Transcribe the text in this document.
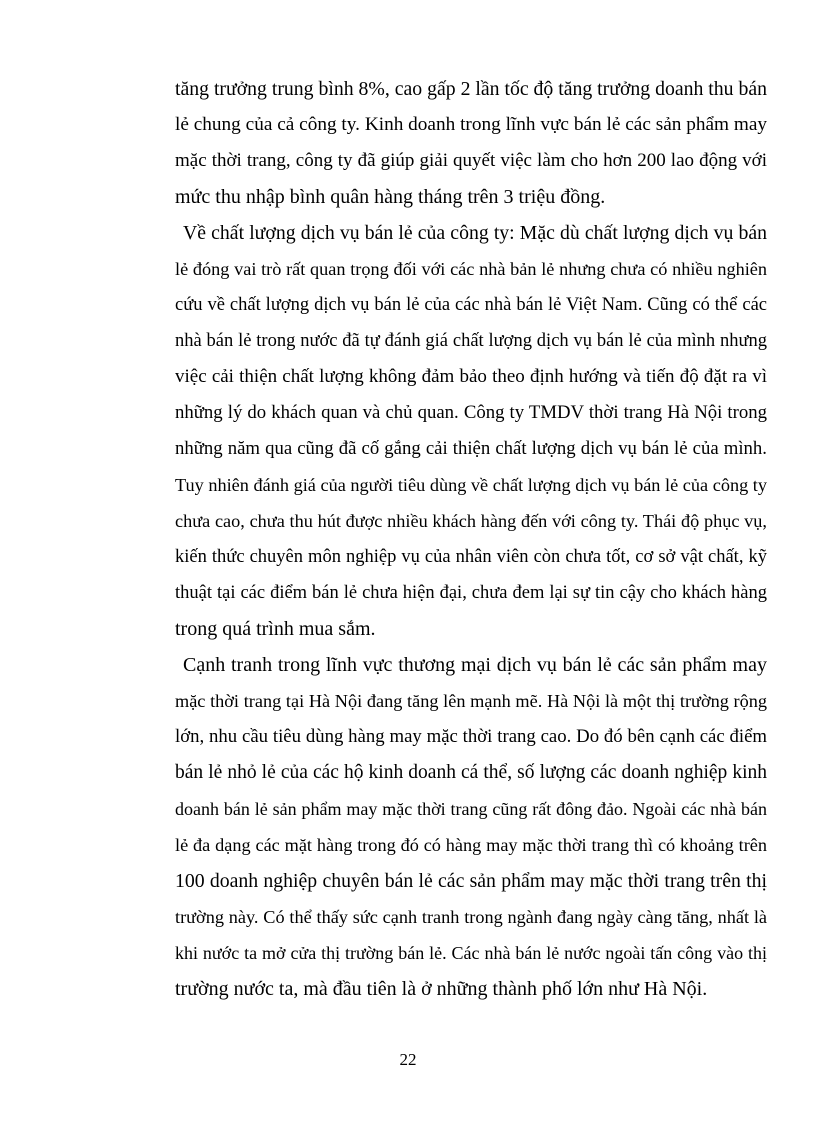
tăng trưởng trung bình 8%, cao gấp 2 lần tốc độ tăng trưởng doanh thu bán
lẻ chung của cả công ty. Kinh doanh trong lĩnh vực bán lẻ các sản phẩm may
mặc thời trang, công ty đã giúp giải quyết việc làm cho hơn 200 lao động với
mức thu nhập bình quân hàng tháng trên 3 triệu đồng.
Về chất lượng dịch vụ bán lẻ của công ty: Mặc dù chất lượng dịch vụ bán
lẻ đóng vai trò rất quan trọng đối với các nhà bản lẻ nhưng chưa có nhiều nghiên
cứu về chất lượng dịch vụ bán lẻ của các nhà bán lẻ Việt Nam. Cũng có thể các
nhà bán lẻ trong nước đã tự đánh giá chất lượng dịch vụ bán lẻ của mình nhưng
việc cải thiện chất lượng không đảm bảo theo định hướng và tiến độ đặt ra vì
những lý do khách quan và chủ quan. Công ty TMDV thời trang Hà Nội trong
những năm qua cũng đã cố gắng cải thiện chất lượng dịch vụ bán lẻ của mình.
Tuy nhiên đánh giá của người tiêu dùng về chất lượng dịch vụ bán lẻ của công ty
chưa cao, chưa thu hút được nhiều khách hàng đến với công ty. Thái độ phục vụ,
kiến thức chuyên môn nghiệp vụ của nhân viên còn chưa tốt, cơ sở vật chất, kỹ
thuật tại các điểm bán lẻ chưa hiện đại, chưa đem lại sự tin cậy cho khách hàng
trong quá trình mua sắm.
Cạnh tranh trong lĩnh vực thương mại dịch vụ bán lẻ các sản phẩm may
mặc thời trang tại Hà Nội đang tăng lên mạnh mẽ. Hà Nội là một thị trường rộng
lớn, nhu cầu tiêu dùng hàng may mặc thời trang cao. Do đó bên cạnh các điểm
bán lẻ nhỏ lẻ của các hộ kinh doanh cá thể, số lượng các doanh nghiệp kinh
doanh bán lẻ sản phẩm may mặc thời trang cũng rất đông đảo. Ngoài các nhà bán
lẻ đa dạng các mặt hàng trong đó có hàng may mặc thời trang thì có khoảng trên
100 doanh nghiệp chuyên bán lẻ các sản phẩm may mặc thời trang trên thị
trường này. Có thể thấy sức cạnh tranh trong ngành đang ngày càng tăng, nhất là
khi nước ta mở cửa thị trường bán lẻ. Các nhà bán lẻ nước ngoài tấn công vào thị
trường nước ta, mà đầu tiên là ở những thành phố lớn như Hà Nội.
22
